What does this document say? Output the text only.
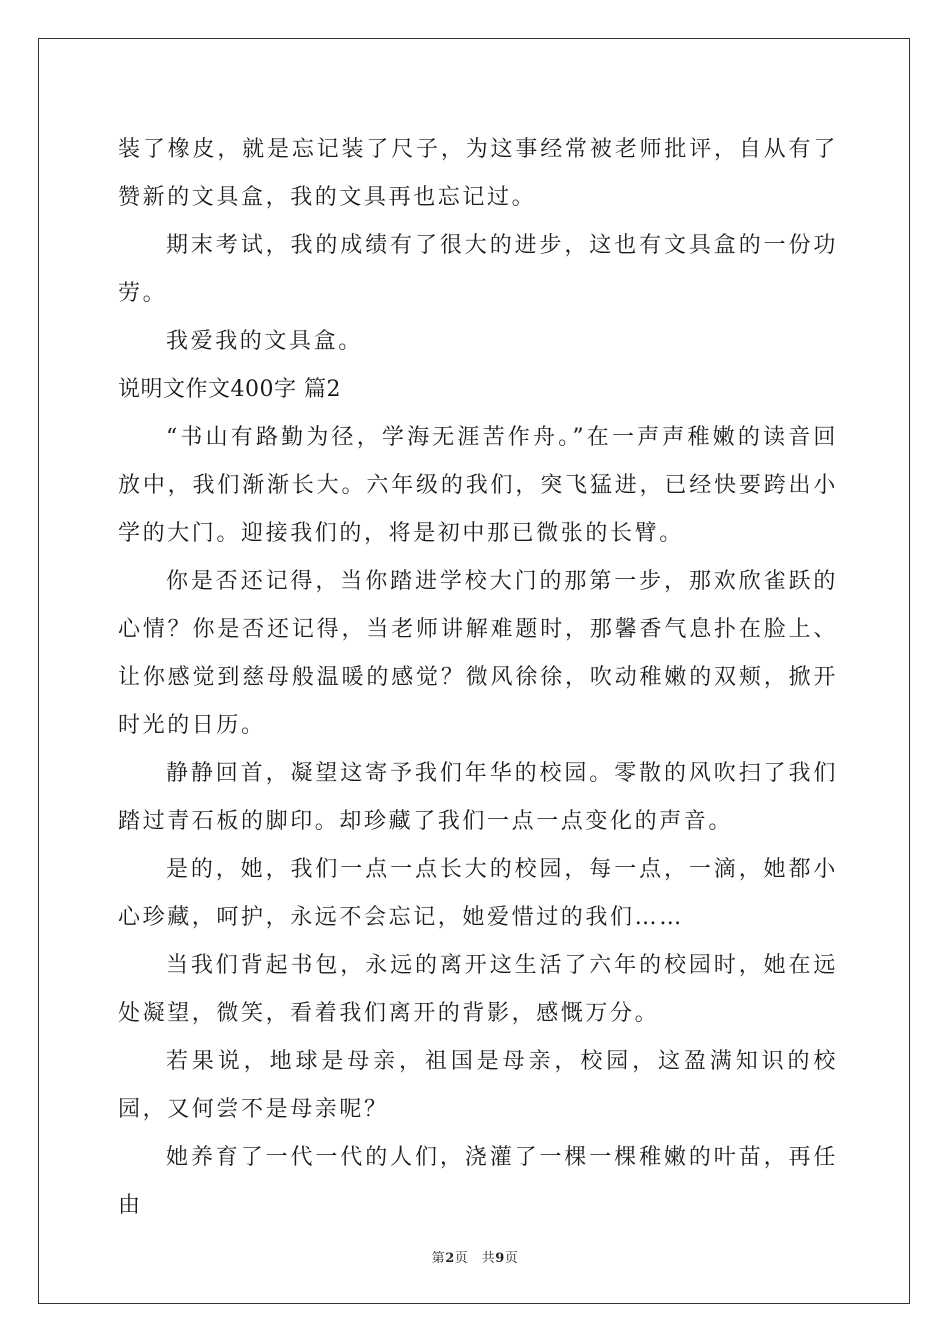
装了橡皮，就是忘记装了尺子，为这事经常被老师批评，自从有了赞新的文具盒，我的文具再也忘记过。

期末考试，我的成绩有了很大的进步，这也有文具盒的一份功劳。

我爱我的文具盒。

说明文作文400字 篇2

“书山有路勤为径，学海无涯苦作舟。”在一声声稚嫩的读音回放中，我们渐渐长大。六年级的我们，突飞猛进，已经快要跨出小学的大门。迎接我们的，将是初中那已微张的长臂。

你是否还记得，当你踏进学校大门的那第一步，那欢欣雀跃的心情？你是否还记得，当老师讲解难题时，那馨香气息扑在脸上、让你感觉到慈母般温暖的感觉？微风徐徐，吹动稚嫩的双颊，掀开时光的日历。

静静回首，凝望这寄予我们年华的校园。零散的风吹扫了我们踏过青石板的脚印。却珍藏了我们一点一点变化的声音。

是的，她，我们一点一点长大的校园，每一点，一滴，她都小心珍藏，呵护，永远不会忘记，她爱惜过的我们……

当我们背起书包，永远的离开这生活了六年的校园时，她在远处凝望，微笑，看着我们离开的背影，感慨万分。

若果说，地球是母亲，祖国是母亲，校园，这盈满知识的校园，又何尝不是母亲呢？

她养育了一代一代的人们，浇灌了一棵一棵稚嫩的叶苗，再任由

第2页　共9页
